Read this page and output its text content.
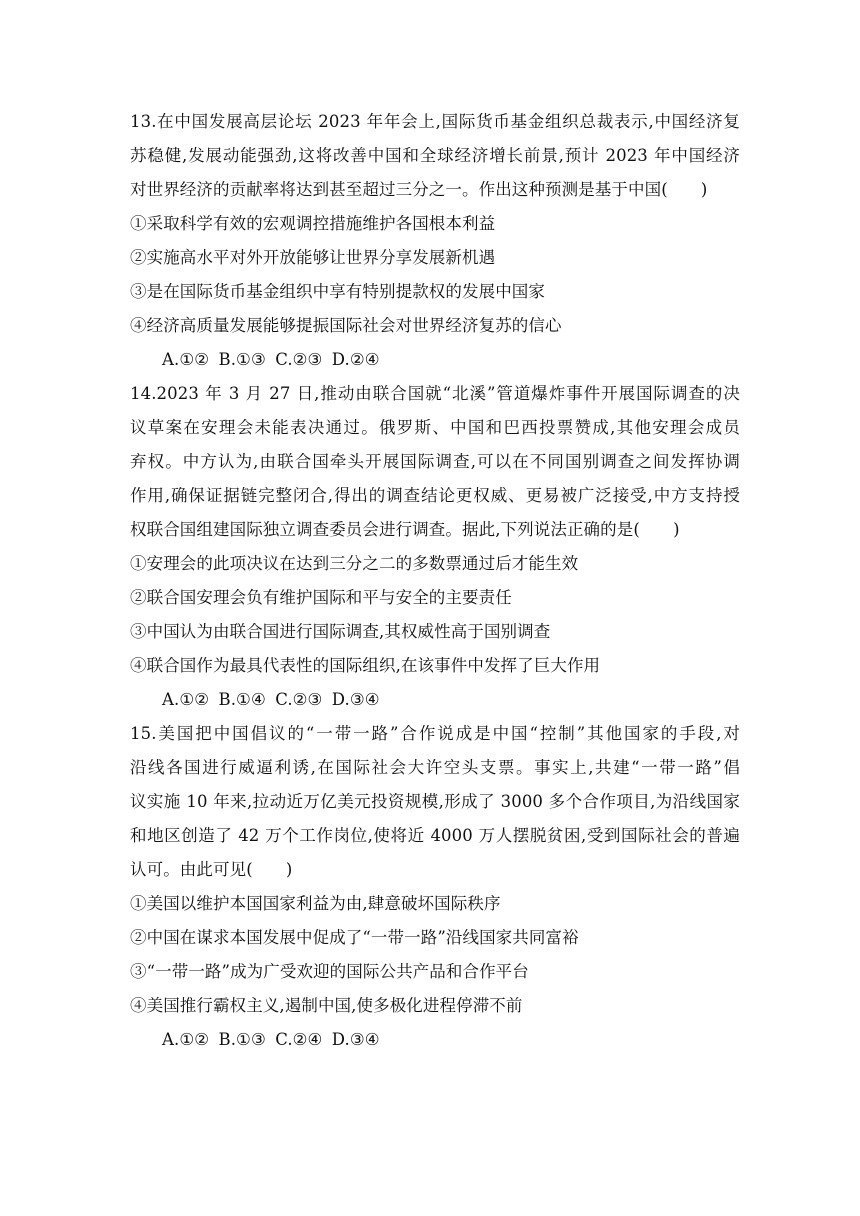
13.在中国发展高层论坛 2023 年年会上,国际货币基金组织总裁表示,中国经济复
苏稳健,发展动能强劲,这将改善中国和全球经济增长前景,预计 2023 年中国经济
对世界经济的贡献率将达到甚至超过三分之一。作出这种预测是基于中国(　　)
①采取科学有效的宏观调控措施维护各国根本利益
②实施高水平对外开放能够让世界分享发展新机遇
③是在国际货币基金组织中享有特别提款权的发展中国家
④经济高质量发展能够提振国际社会对世界经济复苏的信心
A.①② B.①③ C.②③ D.②④
14.2023 年 3 月 27 日,推动由联合国就“北溪”管道爆炸事件开展国际调查的决
议草案在安理会未能表决通过。俄罗斯、中国和巴西投票赞成,其他安理会成员
弃权。中方认为,由联合国牵头开展国际调查,可以在不同国别调查之间发挥协调
作用,确保证据链完整闭合,得出的调查结论更权威、更易被广泛接受,中方支持授
权联合国组建国际独立调查委员会进行调查。据此,下列说法正确的是(　　)
①安理会的此项决议在达到三分之二的多数票通过后才能生效
②联合国安理会负有维护国际和平与安全的主要责任
③中国认为由联合国进行国际调查,其权威性高于国别调查
④联合国作为最具代表性的国际组织,在该事件中发挥了巨大作用
A.①② B.①④ C.②③ D.③④
15.美国把中国倡议的“一带一路”合作说成是中国“控制”其他国家的手段,对
沿线各国进行威逼利诱,在国际社会大许空头支票。事实上,共建“一带一路”倡
议实施 10 年来,拉动近万亿美元投资规模,形成了 3000 多个合作项目,为沿线国家
和地区创造了 42 万个工作岗位,使将近 4000 万人摆脱贫困,受到国际社会的普遍
认可。由此可见(　　)
①美国以维护本国国家利益为由,肆意破坏国际秩序
②中国在谋求本国发展中促成了“一带一路”沿线国家共同富裕
③“一带一路”成为广受欢迎的国际公共产品和合作平台
④美国推行霸权主义,遏制中国,使多极化进程停滞不前
A.①② B.①③ C.②④ D.③④
